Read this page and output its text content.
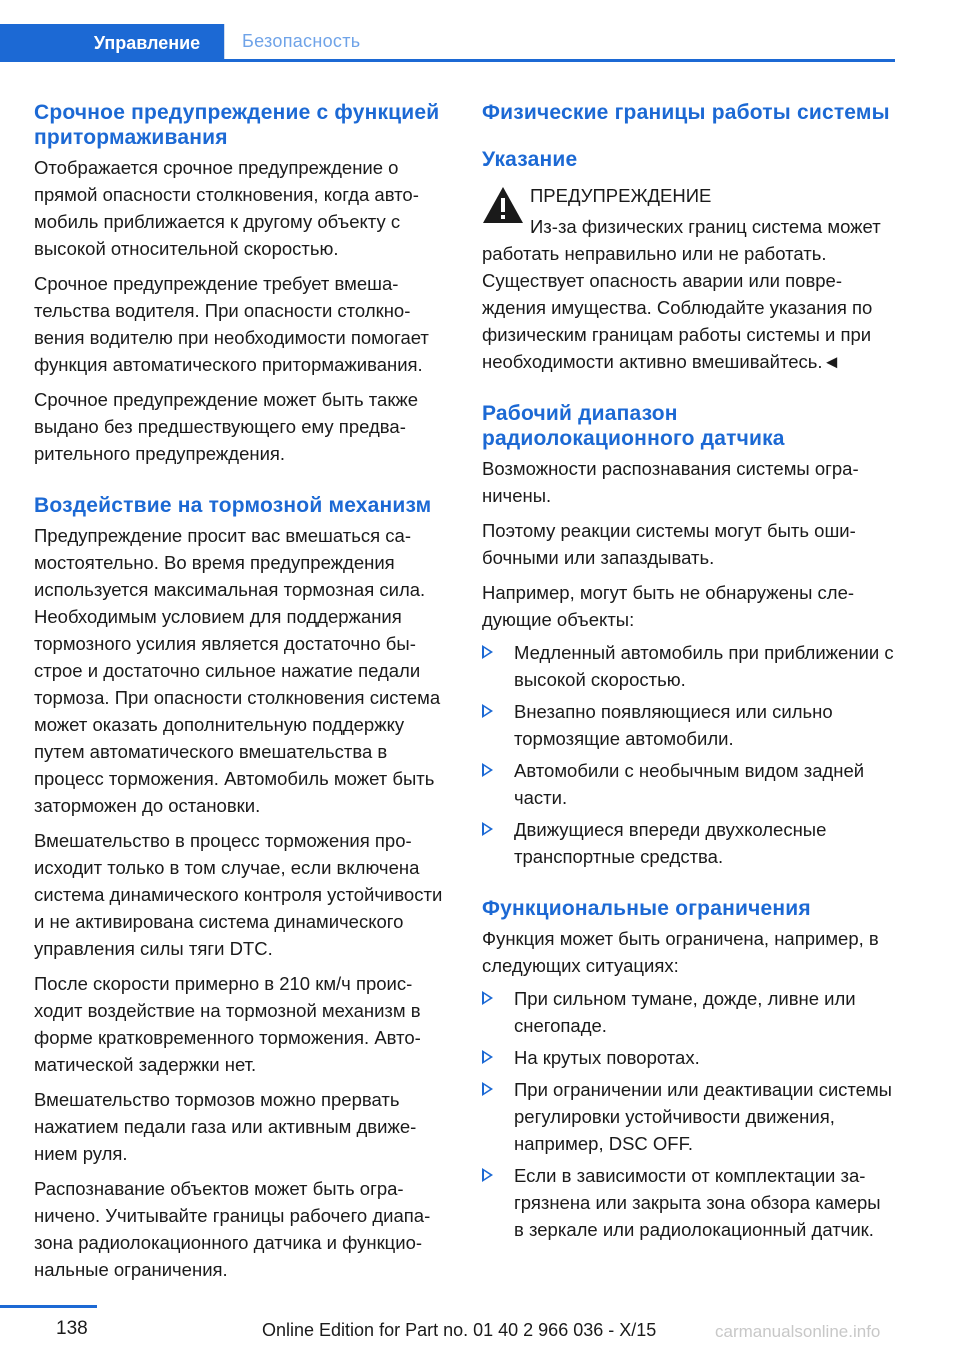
Управление	Безопасность
Срочное предупреждение с функцией притормаживания

Отображается срочное предупреждение о прямой опасности столкновения, когда автомобиль приближается к другому объекту с высокой относительной скоростью.

Срочное предупреждение требует вмешательства водителя. При опасности столкновения водителю при необходимости помогает функция автоматического притормаживания.

Срочное предупреждение может быть также выдано без предшествующего ему предварительного предупреждения.

Воздействие на тормозной механизм

Предупреждение просит вас вмешаться самостоятельно. Во время предупреждения используется максимальная тормозная сила. Необходимым условием для поддержания тормозного усилия является достаточно быстрое и достаточно сильное нажатие педали тормоза. При опасности столкновения система может оказать дополнительную поддержку путем автоматического вмешательства в процесс торможения. Автомобиль может быть заторможен до остановки.

Вмешательство в процесс торможения происходит только в том случае, если включена система динамического контроля устойчивости и не активирована система динамического управления силы тяги DTC.

После скорости примерно в 210 км/ч происходит воздействие на тормозной механизм в форме кратковременного торможения. Автоматической задержки нет.

Вмешательство тормозов можно прервать нажатием педали газа или активным движением руля.

Распознавание объектов может быть ограничено. Учитывайте границы рабочего диапазона радиолокационного датчика и функциональные ограничения.

Физические границы работы системы
Указание

ПРЕДУПРЕЖДЕНИЕ

Из-за физических границ система может работать неправильно или не работать. Существует опасность аварии или повреждения имущества. Соблюдайте указания по физическим границам работы системы и при необходимости активно вмешивайтесь.◄

Рабочий диапазон радиолокационного датчика

Возможности распознавания системы ограничены.

Поэтому реакции системы могут быть ошибочными или запаздывать.

Например, могут быть не обнаружены следующие объекты:

Медленный автомобиль при приближении с высокой скоростью.
Внезапно появляющиеся или сильно тормозящие автомобили.
Автомобили с необычным видом задней части.
Движущиеся впереди двухколесные транспортные средства.
Функциональные ограничения

Функция может быть ограничена, например, в следующих ситуациях:

При сильном тумане, дожде, ливне или снегопаде.
На крутых поворотах.
При ограничении или деактивации системы регулировки устойчивости движения, например, DSC OFF.
Если в зависимости от комплектации загрязнена или закрыта зона обзора камеры в зеркале или радиолокационный датчик.
138	Online Edition for Part no. 01 40 2 966 036 - X/15	carmanualsonline.info
